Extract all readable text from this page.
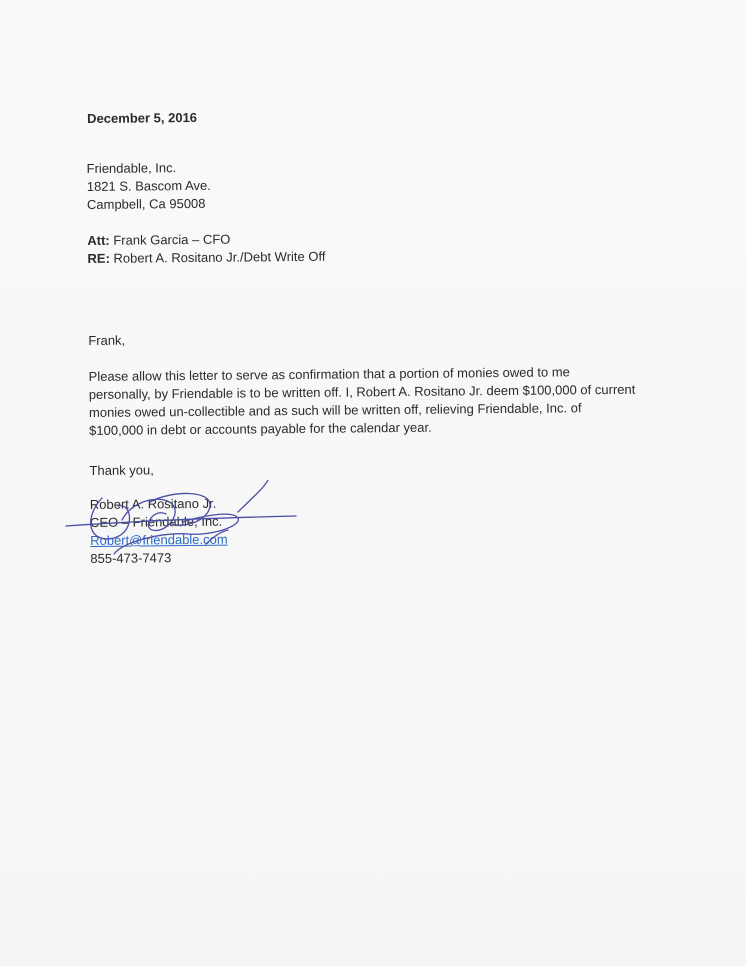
December 5, 2016
Friendable, Inc.
1821 S. Bascom Ave.
Campbell, Ca 95008
Att: Frank Garcia – CFO
RE: Robert A. Rositano Jr./Debt Write Off
Frank,
Please allow this letter to serve as confirmation that a portion of monies owed to me
personally, by Friendable is to be written off. I, Robert A. Rositano Jr. deem $100,000 of current
monies owed un-collectible and as such will be written off, relieving Friendable, Inc. of
$100,000 in debt or accounts payable for the calendar year.
Thank you,
Robert A. Rositano Jr.
CEO – Friendable, Inc.
Robert@friendable.com
855-473-7473
